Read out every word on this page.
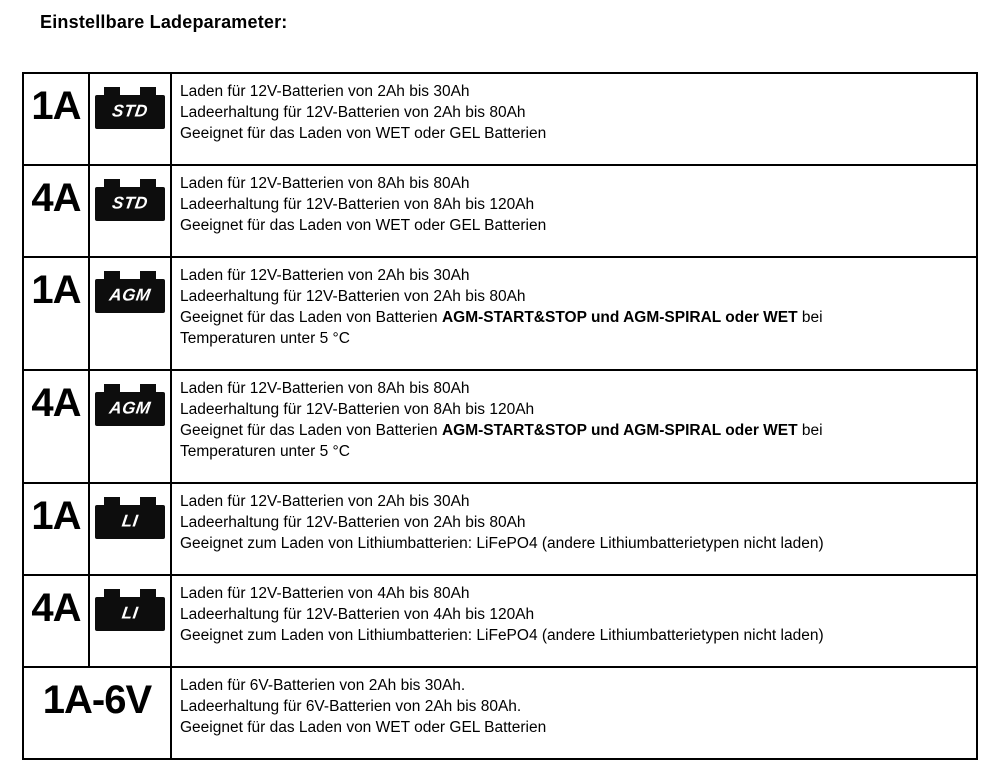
Einstellbare Ladeparameter:
1A	STD	Laden für 12V-Batterien von 2Ah bis 30Ah
Ladeerhaltung für 12V-Batterien von 2Ah bis 80Ah
Geeignet für das Laden von WET oder GEL Batterien

4A	STD	Laden für 12V-Batterien von 8Ah bis 80Ah
Ladeerhaltung für 12V-Batterien von 8Ah bis 120Ah
Geeignet für das Laden von WET oder GEL Batterien

1A	AGM	Laden für 12V-Batterien von 2Ah bis 30Ah
Ladeerhaltung für 12V-Batterien von 2Ah bis 80Ah
Geeignet für das Laden von Batterien AGM-START&STOP und AGM-SPIRAL oder WET bei
Temperaturen unter 5 °C

4A	AGM	Laden für 12V-Batterien von 8Ah bis 80Ah
Ladeerhaltung für 12V-Batterien von 8Ah bis 120Ah
Geeignet für das Laden von Batterien AGM-START&STOP und AGM-SPIRAL oder WET bei
Temperaturen unter 5 °C

1A	LI	Laden für 12V-Batterien von 2Ah bis 30Ah
Ladeerhaltung für 12V-Batterien von 2Ah bis 80Ah
Geeignet zum Laden von Lithiumbatterien: LiFePO4 (andere Lithiumbatterietypen nicht laden)

4A	LI	Laden für 12V-Batterien von 4Ah bis 80Ah
Ladeerhaltung für 12V-Batterien von 4Ah bis 120Ah
Geeignet zum Laden von Lithiumbatterien: LiFePO4 (andere Lithiumbatterietypen nicht laden)

1A-6V		Laden für 6V-Batterien von 2Ah bis 30Ah.
Ladeerhaltung für 6V-Batterien von 2Ah bis 80Ah.
Geeignet für das Laden von WET oder GEL Batterien
